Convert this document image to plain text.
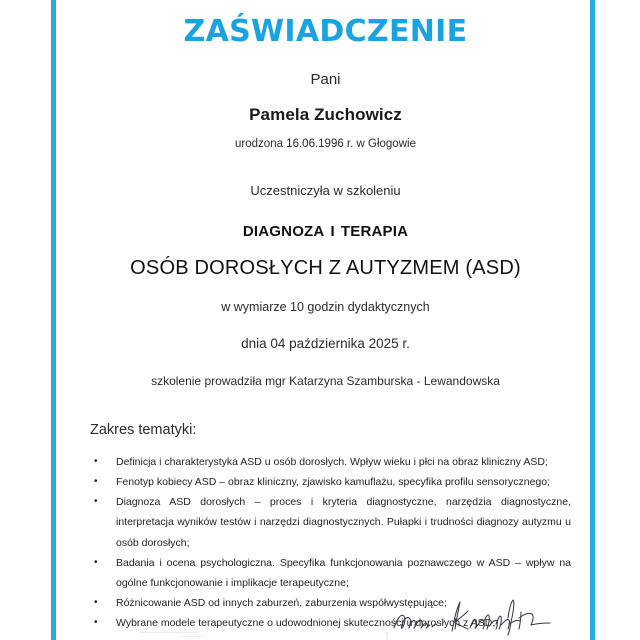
ZAŚWIADCZENIE
Pani
Pamela Zuchowicz
urodzona 16.06.1996 r. w Głogowie
Uczestniczyła w szkoleniu
diagnoza i terapia
OSÓB DOROSŁYCH Z AUTYZMEM (ASD)
w wymiarze 10 godzin dydaktycznych
dnia 04 października 2025 r.
szkolenie prowadziła mgr Katarzyna Szamburska - Lewandowska
Zakres tematyki:
• Definicja i charakterystyka ASD u osób dorosłych. Wpływ wieku i płci na obraz kliniczny ASD;
• Fenotyp kobiecy ASD – obraz kliniczny, zjawisko kamuflażu, specyfika profilu sensorycznego;
• Diagnoza ASD dorosłych – proces i kryteria diagnostyczne, narzędzia diagnostyczne, interpretacja wyników testów i narzędzi diagnostycznych. Pułapki i trudności diagnozy autyzmu u osób dorosłych;
• Badania i ocena psychologiczna. Specyfika funkcjonowania poznawczego w ASD – wpływ na ogólne funkcjonowanie i implikacje terapeutyczne;
• Różnicowanie ASD od innych zaburzeń, zaburzenia współwystępujące;
• Wybrane modele terapeutyczne o udowodnionej skuteczności u dorosłych z ASD;
